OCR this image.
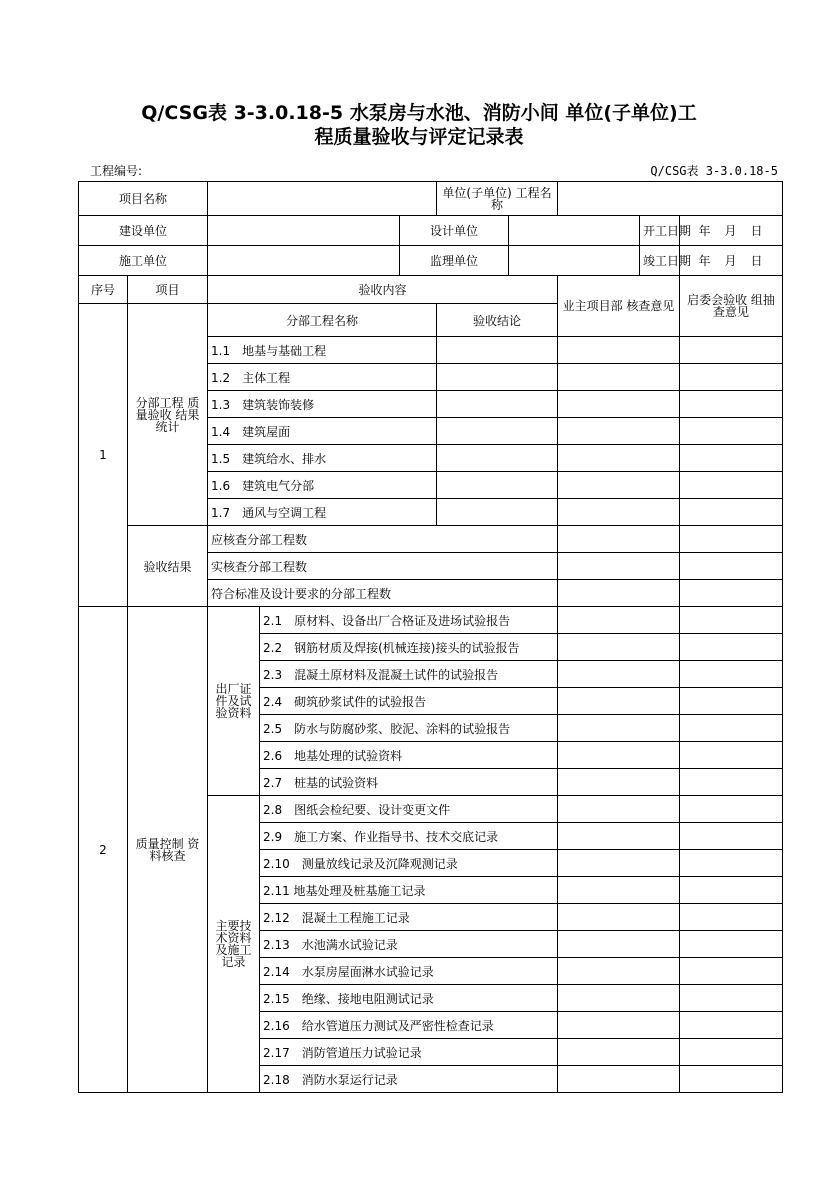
Q/CSG表 3-3.0.18-5 水泵房与水池、消防小间 单位(子单位)工
程质量验收与评定记录表
工程编号:	Q/CSG表 3-3.0.18-5
项目名称					单位(子单位) 工程名称				
建设单位				设计单位				开工日期	年　月　日
施工单位				监理单位				竣工日期	年　月　日
序号	项目	验收内容					业主项目部 核查意见		启委会验收 组抽查意见
1	分部工程 质量验收 结果统计	分部工程名称			验收结论				
		1.1　地基与基础工程							
		1.2　主体工程							
		1.3　建筑装饰装修							
		1.4　建筑屋面							
		1.5　建筑给水、排水							
		1.6　建筑电气分部							
		1.7　通风与空调工程							
	验收结果	应核查分部工程数							
		实核查分部工程数							
		符合标准及设计要求的分部工程数							
2	质量控制 资料核查	出厂证 件及试 验资料	2.1　原材料、设备出厂合格证及进场试验报告						
			2.2　钢筋材质及焊接(机械连接)接头的试验报告						
			2.3　混凝土原材料及混凝土试件的试验报告						
			2.4　砌筑砂浆试件的试验报告						
			2.5　防水与防腐砂浆、胶泥、涂料的试验报告						
			2.6　地基处理的试验资料						
			2.7　桩基的试验资料						
		主要技 术资料 及施工 记录	2.8　图纸会检纪要、设计变更文件						
			2.9　施工方案、作业指导书、技术交底记录						
			2.10　测量放线记录及沉降观测记录						
			2.11 地基处理及桩基施工记录						
			2.12　混凝土工程施工记录						
			2.13　水池满水试验记录						
			2.14　水泵房屋面淋水试验记录						
			2.15　绝缘、接地电阻测试记录						
			2.16　给水管道压力测试及严密性检查记录						
			2.17　消防管道压力试验记录						
			2.18　消防水泵运行记录						
